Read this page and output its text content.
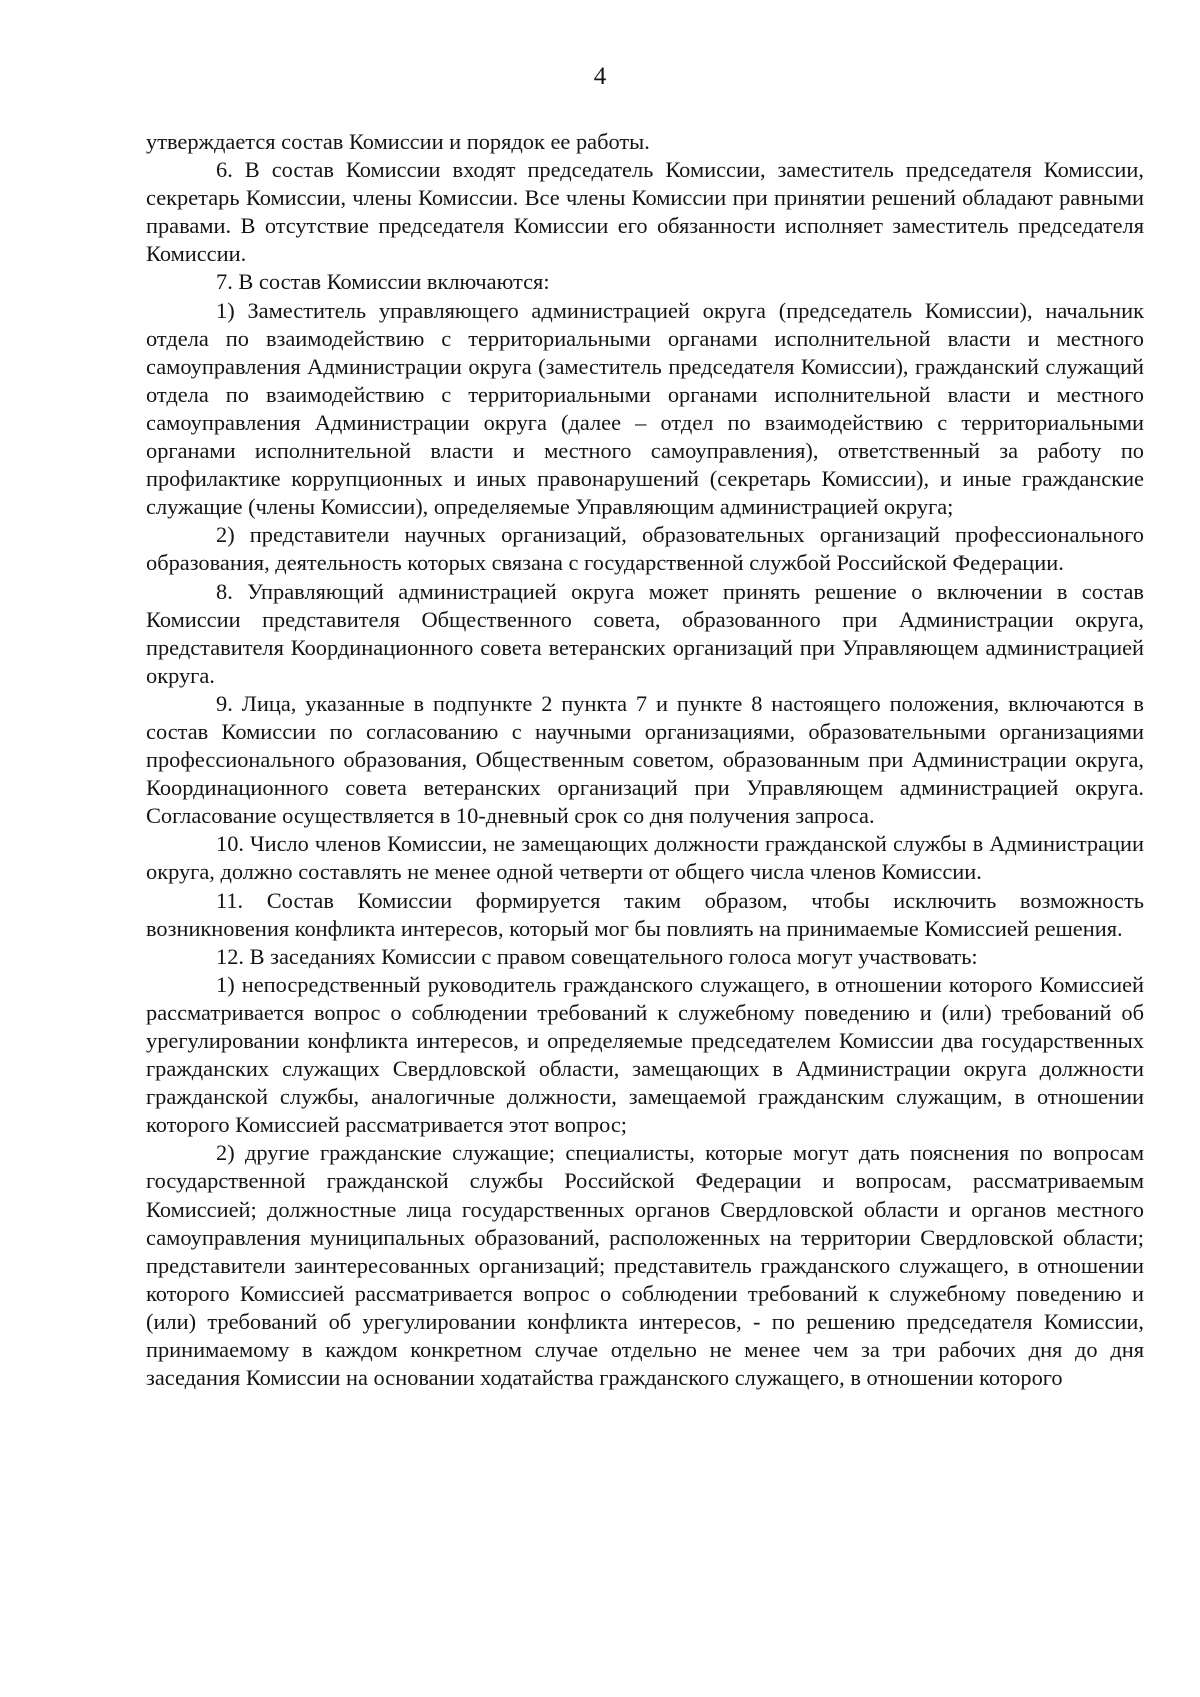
4

утверждается состав Комиссии и порядок ее работы.

6. В состав Комиссии входят председатель Комиссии, заместитель председателя Комиссии, секретарь Комиссии, члены Комиссии. Все члены Комиссии при принятии решений обладают равными правами. В отсутствие председателя Комиссии его обязанности исполняет заместитель председателя Комиссии.

7. В состав Комиссии включаются:

1) Заместитель управляющего администрацией округа (председатель Комиссии), начальник отдела по взаимодействию с территориальными органами исполнительной власти и местного самоуправления Администрации округа (заместитель председателя Комиссии), гражданский служащий отдела по взаимодействию с территориальными органами исполнительной власти и местного самоуправления Администрации округа (далее – отдел по взаимодействию с территориальными органами исполнительной власти и местного самоуправления), ответственный за работу по профилактике коррупционных и иных правонарушений (секретарь Комиссии), и иные гражданские служащие (члены Комиссии), определяемые Управляющим администрацией округа;

2) представители научных организаций, образовательных организаций профессионального образования, деятельность которых связана с государственной службой Российской Федерации.

8. Управляющий администрацией округа может принять решение о включении в состав Комиссии представителя Общественного совета, образованного при Администрации округа, представителя Координационного совета ветеранских организаций при Управляющем администрацией округа.

9. Лица, указанные в подпункте 2 пункта 7 и пункте 8 настоящего положения, включаются в состав Комиссии по согласованию с научными организациями, образовательными организациями профессионального образования, Общественным советом, образованным при Администрации округа, Координационного совета ветеранских организаций при Управляющем администрацией округа. Согласование осуществляется в 10-дневный срок со дня получения запроса.

10. Число членов Комиссии, не замещающих должности гражданской службы в Администрации округа, должно составлять не менее одной четверти от общего числа членов Комиссии.

11. Состав Комиссии формируется таким образом, чтобы исключить возможность возникновения конфликта интересов, который мог бы повлиять на принимаемые Комиссией решения.

12. В заседаниях Комиссии с правом совещательного голоса могут участвовать:

1) непосредственный руководитель гражданского служащего, в отношении которого Комиссией рассматривается вопрос о соблюдении требований к служебному поведению и (или) требований об урегулировании конфликта интересов, и определяемые председателем Комиссии два государственных гражданских служащих Свердловской области, замещающих в Администрации округа должности гражданской службы, аналогичные должности, замещаемой гражданским служащим, в отношении которого Комиссией рассматривается этот вопрос;

2) другие гражданские служащие; специалисты, которые могут дать пояснения по вопросам государственной гражданской службы Российской Федерации и вопросам, рассматриваемым Комиссией; должностные лица государственных органов Свердловской области и органов местного самоуправления муниципальных образований, расположенных на территории Свердловской области; представители заинтересованных организаций; представитель гражданского служащего, в отношении которого Комиссией рассматривается вопрос о соблюдении требований к служебному поведению и (или) требований об урегулировании конфликта интересов, - по решению председателя Комиссии, принимаемому в каждом конкретном случае отдельно не менее чем за три рабочих дня до дня заседания Комиссии на основании ходатайства гражданского служащего, в отношении которого
